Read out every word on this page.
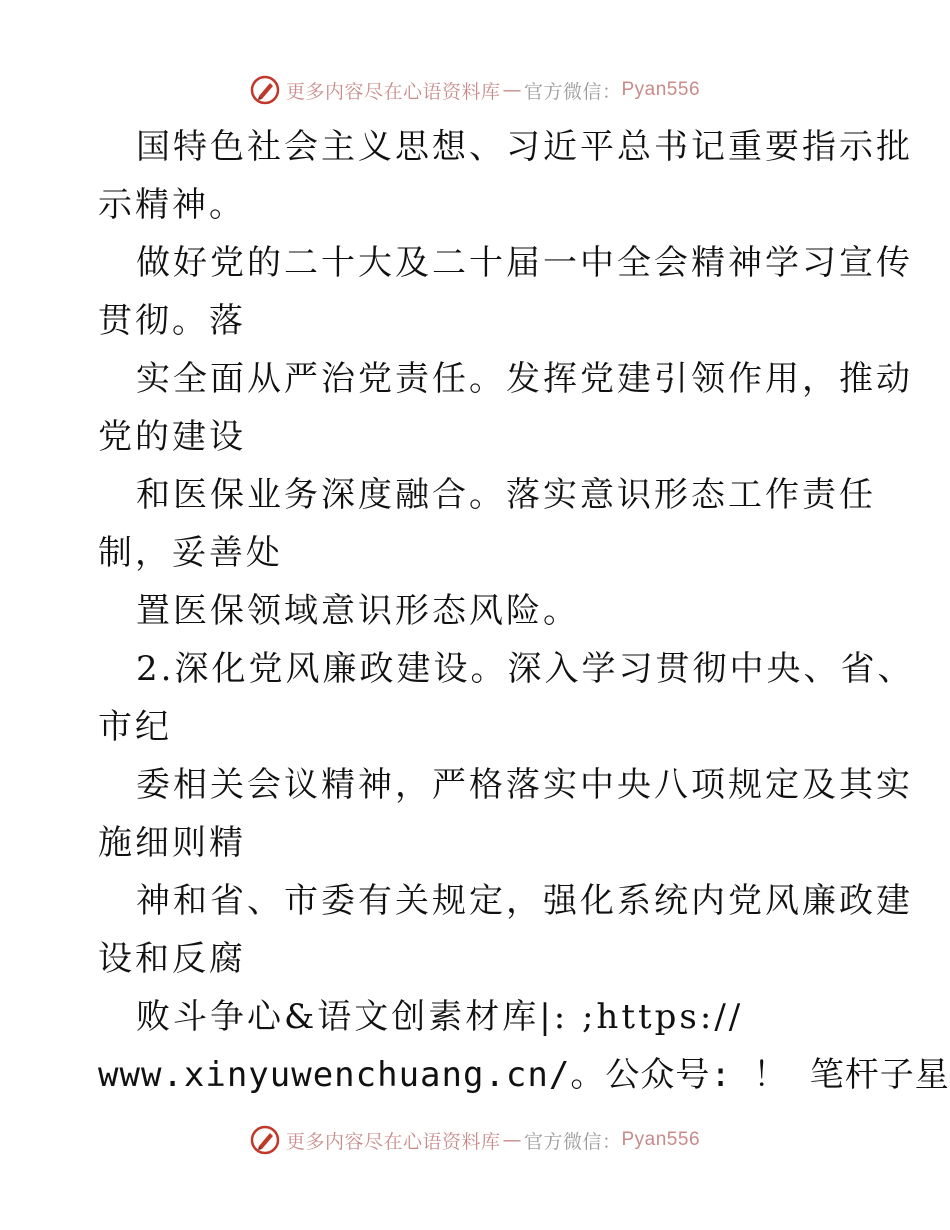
更多内容尽在心语资料库 — 官方微信： Pyan556
国特色社会主义思想、习近平总书记重要指示批
示精神。
做好党的二十大及二十届一中全会精神学习宣传
贯彻。落
实全面从严治党责任。发挥党建引领作用，推动
党的建设
和医保业务深度融合。落实意识形态工作责任
制，妥善处
置医保领域意识形态风险。
2.深化党风廉政建设。深入学习贯彻中央、省、
市纪
委相关会议精神，严格落实中央八项规定及其实
施细则精
神和省、市委有关规定，强化系统内党风廉政建
设和反腐
败斗争心&语文创素材库|: ;https://
www.xinyuwenchuang.cn/。公众号: ！ 笔杆子星
更多内容尽在心语资料库 — 官方微信： Pyan556
